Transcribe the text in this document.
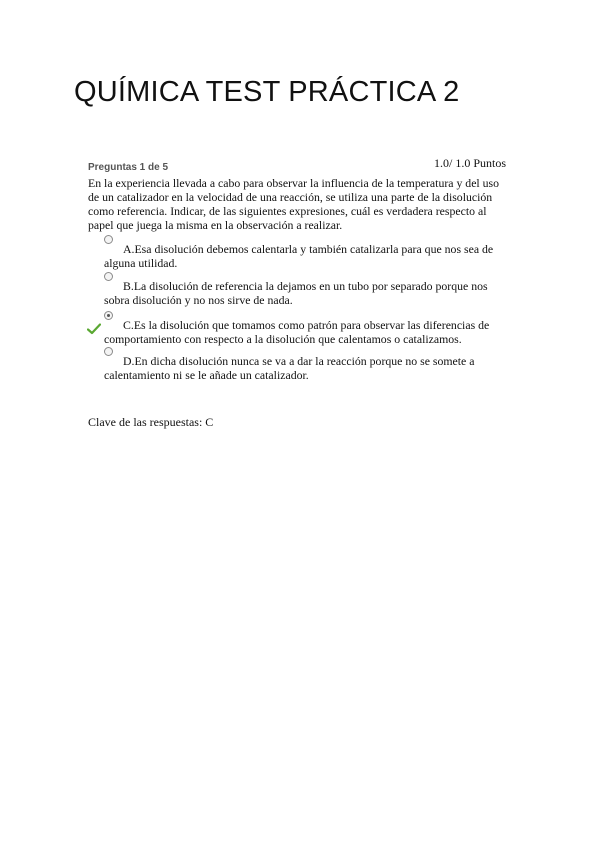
QUÍMICA TEST PRÁCTICA 2
Preguntas 1 de 5	1.0/ 1.0 Puntos
En la experiencia llevada a cabo para observar la influencia de la temperatura y del uso de un catalizador en la velocidad de una reacción, se utiliza una parte de la disolución como referencia. Indicar, de las siguientes expresiones, cuál es verdadera respecto al papel que juega la misma en la observación a realizar.
A.Esa disolución debemos calentarla y también catalizarla para que nos sea de alguna utilidad.
B.La disolución de referencia la dejamos en un tubo por separado porque nos sobra disolución y no nos sirve de nada.
C.Es la disolución que tomamos como patrón para observar las diferencias de comportamiento con respecto a la disolución que calentamos o catalizamos.
D.En dicha disolución nunca se va a dar la reacción porque no se somete a calentamiento ni se le añade un catalizador.
Clave de las respuestas: C
